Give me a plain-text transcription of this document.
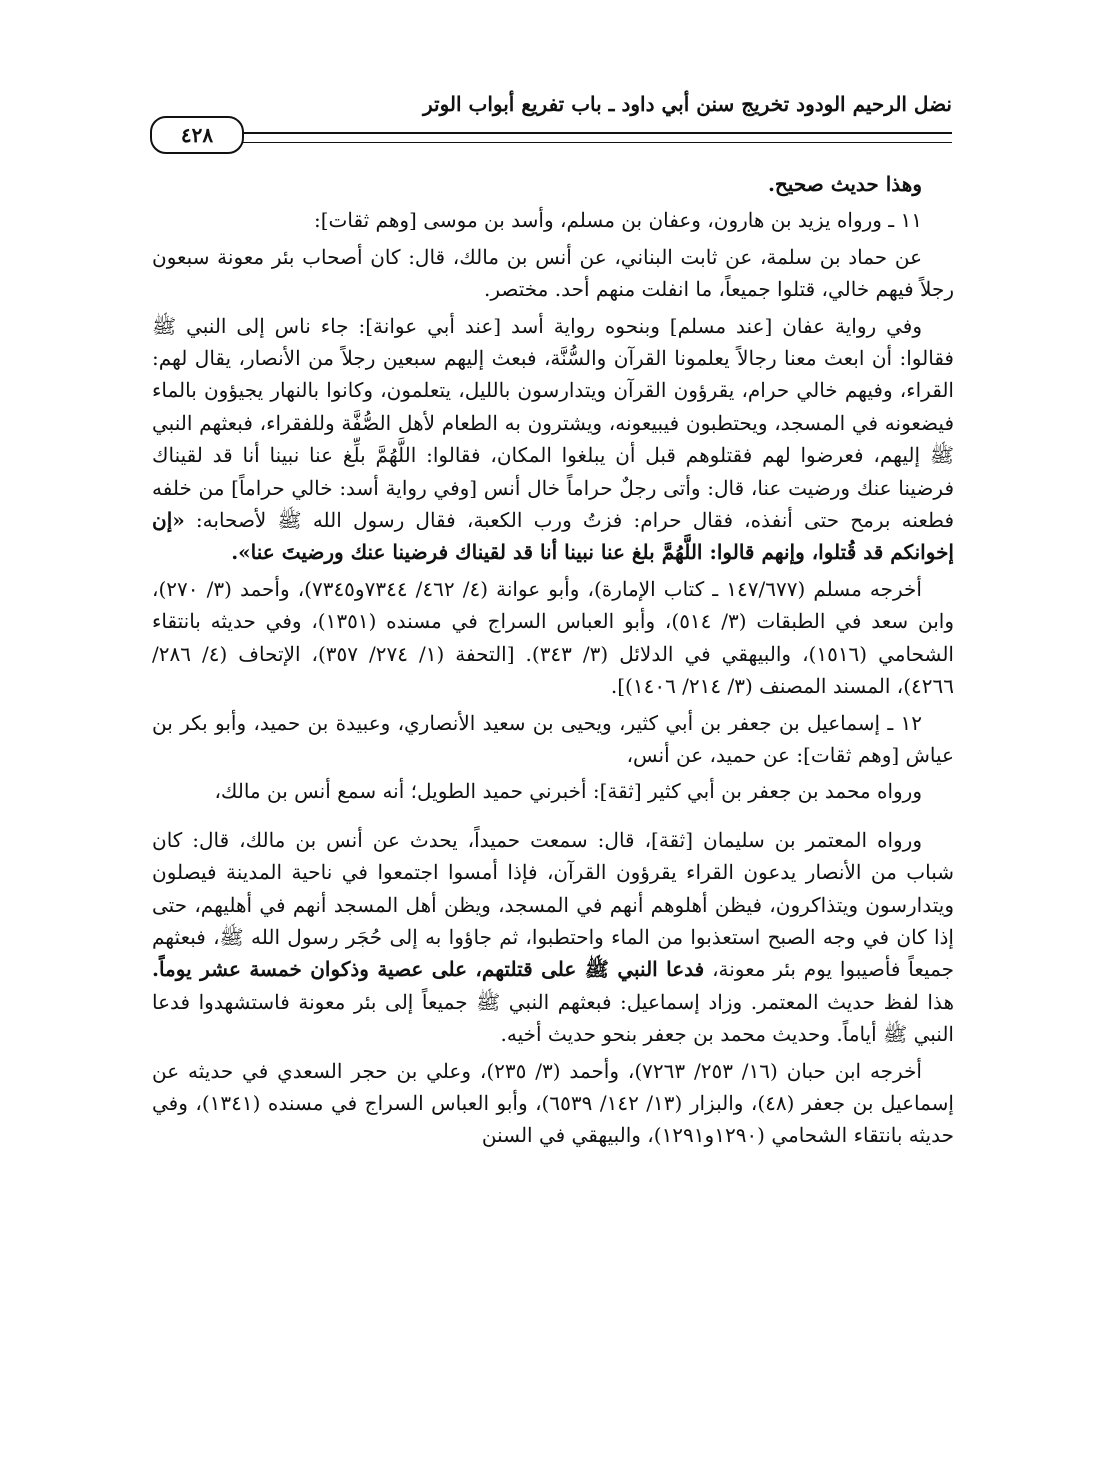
نضل الرحيم الودود تخريج سنن أبي داود ـ باب تفريع أبواب الوتر
٤٢٨

وهذا حديث صحيح.

١١ ـ ورواه يزيد بن هارون، وعفان بن مسلم، وأسد بن موسى [وهم ثقات]:

عن حماد بن سلمة، عن ثابت البناني، عن أنس بن مالك، قال: كان أصحاب بئر معونة سبعون رجلاً فيهم خالي، قتلوا جميعاً، ما انفلت منهم أحد. مختصر.

وفي رواية عفان [عند مسلم] وبنحوه رواية أسد [عند أبي عوانة]: جاء ناس إلى النبي ﷺ فقالوا: أن ابعث معنا رجالاً يعلمونا القرآن والسُّنَّة، فبعث إليهم سبعين رجلاً من الأنصار، يقال لهم: القراء، وفيهم خالي حرام، يقرؤون القرآن ويتدارسون بالليل، يتعلمون، وكانوا بالنهار يجيؤون بالماء فيضعونه في المسجد، ويحتطبون فيبيعونه، ويشترون به الطعام لأهل الصُّفَّة وللفقراء، فبعثهم النبي ﷺ إليهم، فعرضوا لهم فقتلوهم قبل أن يبلغوا المكان، فقالوا: اللَّهُمَّ بلِّغ عنا نبينا أنا قد لقيناك فرضينا عنك ورضيت عنا، قال: وأتى رجلٌ حراماً خال أنس [وفي رواية أسد: خالي حراماً] من خلفه فطعنه برمح حتى أنفذه، فقال حرام: فزتُ ورب الكعبة، فقال رسول الله ﷺ لأصحابه: «إن إخوانكم قد قُتلوا، وإنهم قالوا: اللَّهُمَّ بلغ عنا نبينا أنا قد لقيناك فرضينا عنك ورضيتَ عنا».

أخرجه مسلم (١٤٧/٦٧٧ ـ كتاب الإمارة)، وأبو عوانة (٤/ ٤٦٢/ ٧٣٤٤و٧٣٤٥)، وأحمد (٣/ ٢٧٠)، وابن سعد في الطبقات (٣/ ٥١٤)، وأبو العباس السراج في مسنده (١٣٥١)، وفي حديثه بانتقاء الشحامي (١٥١٦)، والبيهقي في الدلائل (٣/ ٣٤٣). [التحفة (١/ ٢٧٤/ ٣٥٧)، الإتحاف (٤/ ٢٨٦/ ٤٢٦٦)، المسند المصنف (٣/ ٢١٤/ ١٤٠٦)].

١٢ ـ إسماعيل بن جعفر بن أبي كثير، ويحيى بن سعيد الأنصاري، وعبيدة بن حميد، وأبو بكر بن عياش [وهم ثقات]: عن حميد، عن أنس،

ورواه محمد بن جعفر بن أبي كثير [ثقة]: أخبرني حميد الطويل؛ أنه سمع أنس بن مالك،

ورواه المعتمر بن سليمان [ثقة]، قال: سمعت حميداً، يحدث عن أنس بن مالك، قال: كان شباب من الأنصار يدعون القراء يقرؤون القرآن، فإذا أمسوا اجتمعوا في ناحية المدينة فيصلون ويتدارسون ويتذاكرون، فيظن أهلوهم أنهم في المسجد، ويظن أهل المسجد أنهم في أهليهم، حتى إذا كان في وجه الصبح استعذبوا من الماء واحتطبوا، ثم جاؤوا به إلى حُجَر رسول الله ﷺ، فبعثهم جميعاً فأصيبوا يوم بئر معونة، فدعا النبي ﷺ على قتلتهم، على عصية وذكوان خمسة عشر يوماً. هذا لفظ حديث المعتمر. وزاد إسماعيل: فبعثهم النبي ﷺ جميعاً إلى بئر معونة فاستشهدوا فدعا النبي ﷺ أياماً. وحديث محمد بن جعفر بنحو حديث أخيه.

أخرجه ابن حبان (١٦/ ٢٥٣/ ٧٢٦٣)، وأحمد (٣/ ٢٣٥)، وعلي بن حجر السعدي في حديثه عن إسماعيل بن جعفر (٤٨)، والبزار (١٣/ ١٤٢/ ٦٥٣٩)، وأبو العباس السراج في مسنده (١٣٤١)، وفي حديثه بانتقاء الشحامي (١٢٩٠و١٢٩١)، والبيهقي في السنن
